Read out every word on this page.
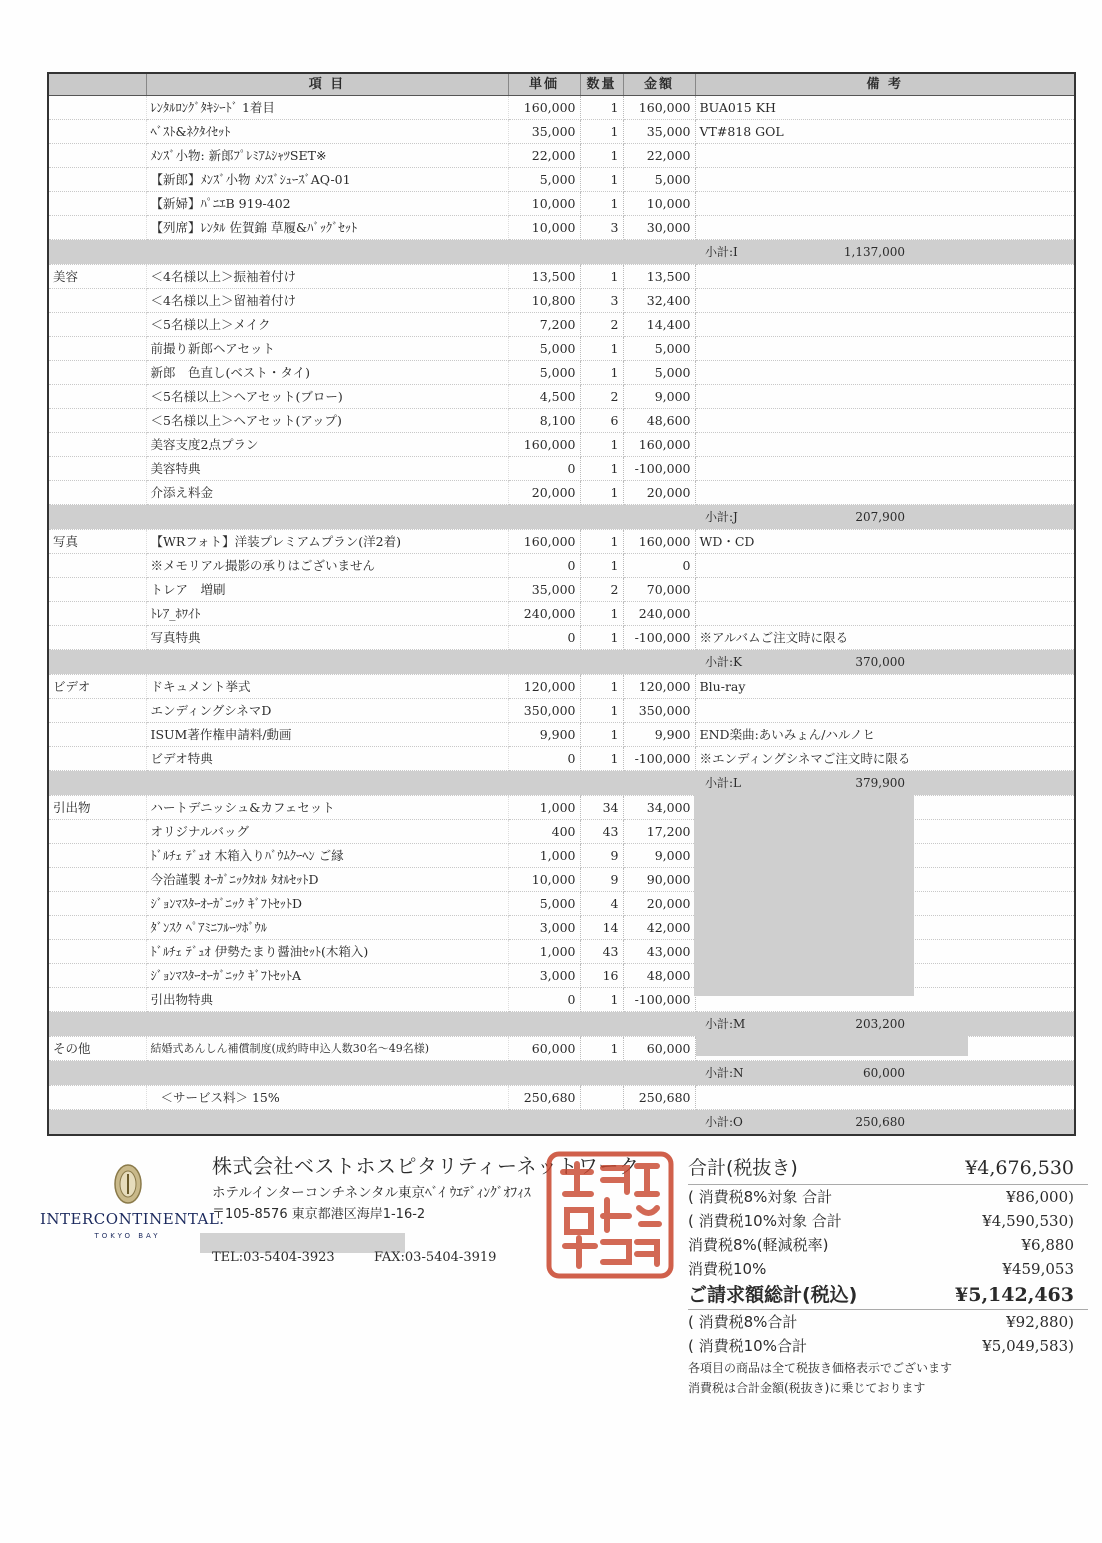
	項 目	単価	数量	金額	備 考
	ﾚﾝﾀﾙﾛﾝｸﾞﾀｷｼｰﾄﾞ 1着目	160,000	1	160,000	BUA015 KH
	ﾍﾞｽﾄ&ﾈｸﾀｲｾｯﾄ	35,000	1	35,000	VT#818 GOL
	ﾒﾝｽﾞ小物: 新郎ﾌﾟﾚﾐｱﾑｼｬﾂSET※	22,000	1	22,000	
	【新郎】ﾒﾝｽﾞ小物 ﾒﾝｽﾞｼｭｰｽﾞAQ-01	5,000	1	5,000	
	【新婦】ﾊﾟﾆｴB 919-402	10,000	1	10,000	
	【列席】ﾚﾝﾀﾙ 佐賀錦 草履&ﾊﾞｯｸﾞｾｯﾄ	10,000	3	30,000	
					小計:I 1,137,000
美容	＜4名様以上＞振袖着付け	13,500	1	13,500	
	＜4名様以上＞留袖着付け	10,800	3	32,400	
	＜5名様以上＞メイク	7,200	2	14,400	
	前撮り新郎ヘアセット	5,000	1	5,000	
	新郎　色直し(ベスト・タイ)	5,000	1	5,000	
	＜5名様以上＞ヘアセット(ブロー)	4,500	2	9,000	
	＜5名様以上＞ヘアセット(アップ)	8,100	6	48,600	
	美容支度2点プラン	160,000	1	160,000	
	美容特典	0	1	-100,000	
	介添え料金	20,000	1	20,000	
					小計:J 207,900
写真	【WRフォト】洋装プレミアムプラン(洋2着)	160,000	1	160,000	WD・CD
	※メモリアル撮影の承りはございません	0	1	0	
	トレア　増刷	35,000	2	70,000	
	ﾄﾚｱ_ﾎﾜｲﾄ	240,000	1	240,000	
	写真特典	0	1	-100,000	※アルバムご注文時に限る
					小計:K 370,000
ビデオ	ドキュメント挙式	120,000	1	120,000	Blu-ray
	エンディングシネマD	350,000	1	350,000	
	ISUM著作権申請料/動画	9,900	1	9,900	END楽曲:あいみょん/ハルノヒ
	ビデオ特典	0	1	-100,000	※エンディングシネマご注文時に限る
					小計:L 379,900
引出物	ハートデニッシュ&カフェセット	1,000	34	34,000	
	オリジナルバッグ	400	43	17,200	
	ﾄﾞﾙﾁｪ ﾃﾞｭｵ 木箱入りﾊﾞｳﾑｸｰﾍﾝ ご縁	1,000	9	9,000	
	今治謹製 ｵｰｶﾞﾆｯｸﾀｵﾙ ﾀｵﾙｾｯﾄD	10,000	9	90,000	
	ｼﾞｮﾝﾏｽﾀｰｵｰｶﾞﾆｯｸ ｷﾞﾌﾄｾｯﾄD	5,000	4	20,000	
	ﾀﾞﾝｽｸ ﾍﾟｱﾐﾆﾌﾙｰﾂﾎﾞｳﾙ	3,000	14	42,000	
	ﾄﾞﾙﾁｪ ﾃﾞｭｵ 伊勢たまり醤油ｾｯﾄ(木箱入)	1,000	43	43,000	
	ｼﾞｮﾝﾏｽﾀｰｵｰｶﾞﾆｯｸ ｷﾞﾌﾄｾｯﾄA	3,000	16	48,000	
	引出物特典	0	1	-100,000	
					小計:M 203,200
その他	結婚式あんしん補償制度(成約時申込人数30名～49名様)	60,000	1	60,000	
					小計:N 60,000
	＜サービス料＞ 15%	250,680		250,680	
					小計:O 250,680
INTERCONTINENTAL.
TOKYO BAY
株式会社ベストホスピタリティーネットワーク
ホテルインターコンチネンタル東京ﾍﾞｲ ｳｴﾃﾞｨﾝｸﾞｵﾌｨｽ
〒105-8576 東京都港区海岸1-16-2
TEL:03-5404-3923	FAX:03-5404-3919
合計(税抜き)	¥4,676,530
( 消費税8%対象 合計	¥86,000)
( 消費税10%対象 合計	¥4,590,530)
消費税8%(軽減税率)	¥6,880
消費税10%	¥459,053
ご請求額総計(税込)	¥5,142,463
( 消費税8%合計	¥92,880)
( 消費税10%合計	¥5,049,583)
各項目の商品は全て税抜き価格表示でございます
消費税は合計金額(税抜き)に乗じております
